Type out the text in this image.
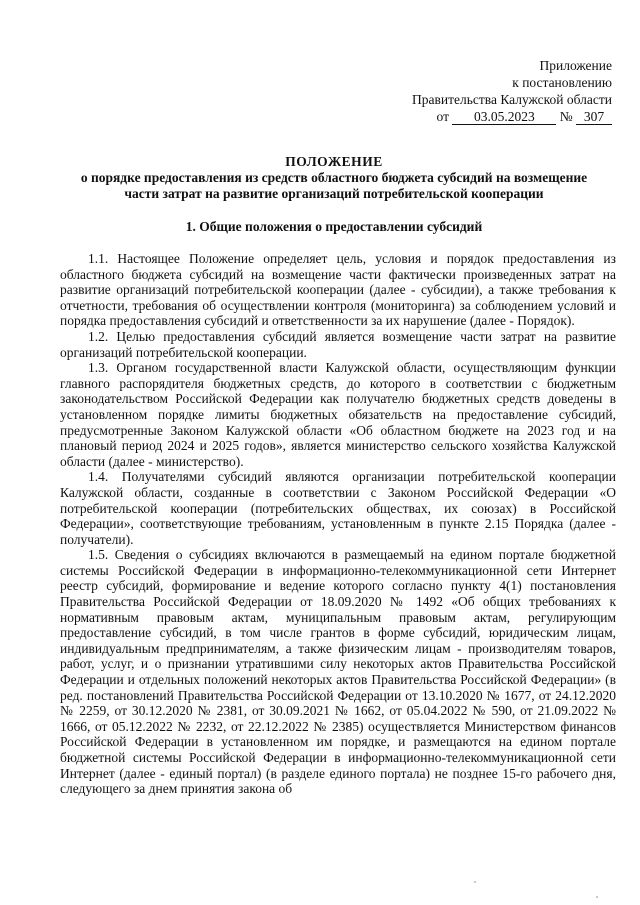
Приложение
к постановлению
Правительства Калужской области
от 03.05.2023 № 307
ПОЛОЖЕНИЕ
о порядке предоставления из средств областного бюджета субсидий на возмещение
части затрат на развитие организаций потребительской кооперации
1. Общие положения о предоставлении субсидий

1.1. Настоящее Положение определяет цель, условия и порядок предоставления из областного бюджета субсидий на возмещение части фактически произведенных затрат на развитие организаций потребительской кооперации (далее - субсидии), а также требования к отчетности, требования об осуществлении контроля (мониторинга) за соблюдением условий и порядка предоставления субсидий и ответственности за их нарушение (далее - Порядок).

1.2. Целью предоставления субсидий является возмещение части затрат на развитие организаций потребительской кооперации.

1.3. Органом государственной власти Калужской области, осуществляющим функции главного распорядителя бюджетных средств, до которого в соответствии с бюджетным законодательством Российской Федерации как получателю бюджетных средств доведены в установленном порядке лимиты бюджетных обязательств на предоставление субсидий, предусмотренные Законом Калужской области «Об областном бюджете на 2023 год и на плановый период 2024 и 2025 годов», является министерство сельского хозяйства Калужской области (далее - министерство).

1.4. Получателями субсидий являются организации потребительской кооперации Калужской области, созданные в соответствии с Законом Российской Федерации «О потребительской кооперации (потребительских обществах, их союзах) в Российской Федерации», соответствующие требованиям, установленным в пункте 2.15 Порядка (далее - получатели).

1.5. Сведения о субсидиях включаются в размещаемый на едином портале бюджетной системы Российской Федерации в информационно-телекоммуникационной сети Интернет реестр субсидий, формирование и ведение которого согласно пункту 4(1) постановления Правительства Российской Федерации от 18.09.2020 № 1492 «Об общих требованиях к нормативным правовым актам, муниципальным правовым актам, регулирующим предоставление субсидий, в том числе грантов в форме субсидий, юридическим лицам, индивидуальным предпринимателям, а также физическим лицам - производителям товаров, работ, услуг, и о признании утратившими силу некоторых актов Правительства Российской Федерации и отдельных положений некоторых актов Правительства Российской Федерации» (в ред. постановлений Правительства Российской Федерации от 13.10.2020 № 1677, от 24.12.2020 № 2259, от 30.12.2020 № 2381, от 30.09.2021 № 1662, от 05.04.2022 № 590, от 21.09.2022 № 1666, от 05.12.2022 № 2232, от 22.12.2022 № 2385) осуществляется Министерством финансов Российской Федерации в установленном им порядке, и размещаются на едином портале бюджетной системы Российской Федерации в информационно-телекоммуникационной сети Интернет (далее - единый портал) (в разделе единого портала) не позднее 15-го рабочего дня, следующего за днем принятия закона об
